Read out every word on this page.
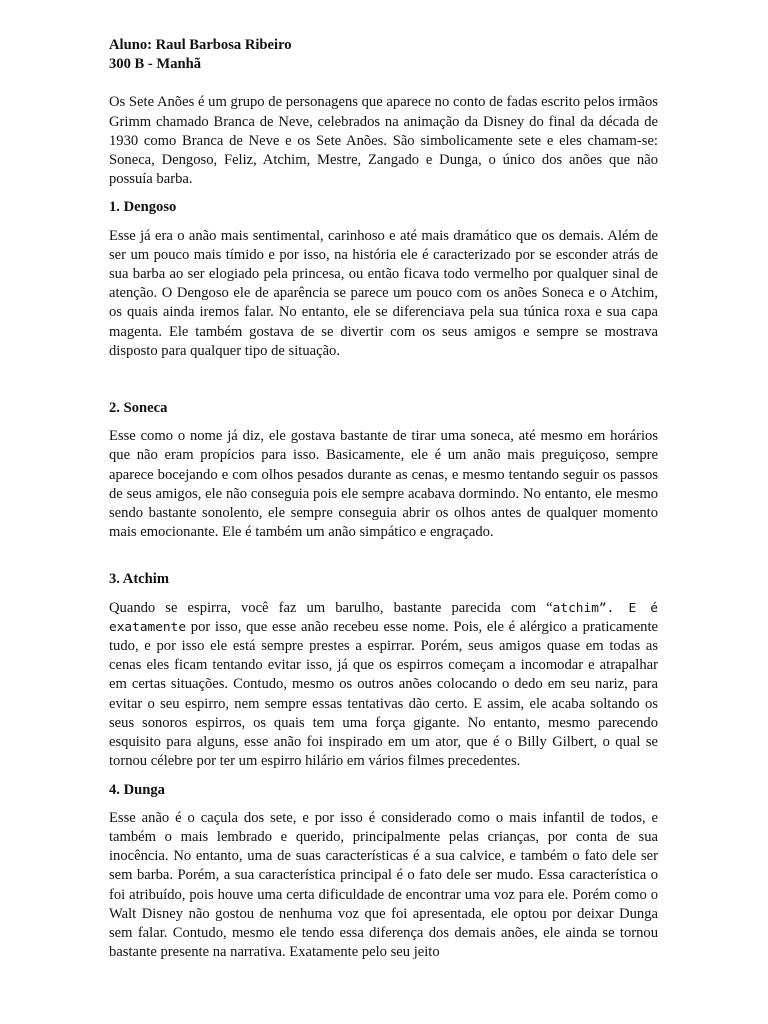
Aluno: Raul Barbosa Ribeiro
300 B - Manhã

Os Sete Anões é um grupo de personagens que aparece no conto de fadas escrito pelos irmãos Grimm chamado Branca de Neve, celebrados na animação da Disney do final da década de 1930 como Branca de Neve e os Sete Anões. São simbolicamente sete e eles chamam-se: Soneca, Dengoso, Feliz, Atchim, Mestre, Zangado e Dunga, o único dos anões que não possuía barba.

1. Dengoso

Esse já era o anão mais sentimental, carinhoso e até mais dramático que os demais. Além de ser um pouco mais tímido e por isso, na história ele é caracterizado por se esconder atrás de sua barba ao ser elogiado pela princesa, ou então ficava todo vermelho por qualquer sinal de atenção. O Dengoso ele de aparência se parece um pouco com os anões Soneca e o Atchim, os quais ainda iremos falar. No entanto, ele se diferenciava pela sua túnica roxa e sua capa magenta. Ele também gostava de se divertir com os seus amigos e sempre se mostrava disposto para qualquer tipo de situação.

2. Soneca

Esse como o nome já diz, ele gostava bastante de tirar uma soneca, até mesmo em horários que não eram propícios para isso. Basicamente, ele é um anão mais preguiçoso, sempre aparece bocejando e com olhos pesados durante as cenas, e mesmo tentando seguir os passos de seus amigos, ele não conseguia pois ele sempre acabava dormindo. No entanto, ele mesmo sendo bastante sonolento, ele sempre conseguia abrir os olhos antes de qualquer momento mais emocionante. Ele é também um anão simpático e engraçado.

3. Atchim

Quando se espirra, você faz um barulho, bastante parecida com “atchim”. E é exatamente por isso, que esse anão recebeu esse nome. Pois, ele é alérgico a praticamente tudo, e por isso ele está sempre prestes a espirrar. Porém, seus amigos quase em todas as cenas eles ficam tentando evitar isso, já que os espirros começam a incomodar e atrapalhar em certas situações. Contudo, mesmo os outros anões colocando o dedo em seu nariz, para evitar o seu espirro, nem sempre essas tentativas dão certo. E assim, ele acaba soltando os seus sonoros espirros, os quais tem uma força gigante. No entanto, mesmo parecendo esquisito para alguns, esse anão foi inspirado em um ator, que é o Billy Gilbert, o qual se tornou célebre por ter um espirro hilário em vários filmes precedentes.

4. Dunga

Esse anão é o caçula dos sete, e por isso é considerado como o mais infantil de todos, e também o mais lembrado e querido, principalmente pelas crianças, por conta de sua inocência. No entanto, uma de suas características é a sua calvice, e também o fato dele ser sem barba. Porém, a sua característica principal é o fato dele ser mudo. Essa característica o foi atribuído, pois houve uma certa dificuldade de encontrar uma voz para ele. Porém como o Walt Disney não gostou de nenhuma voz que foi apresentada, ele optou por deixar Dunga sem falar. Contudo, mesmo ele tendo essa diferença dos demais anões, ele ainda se tornou bastante presente na narrativa. Exatamente pelo seu jeito
